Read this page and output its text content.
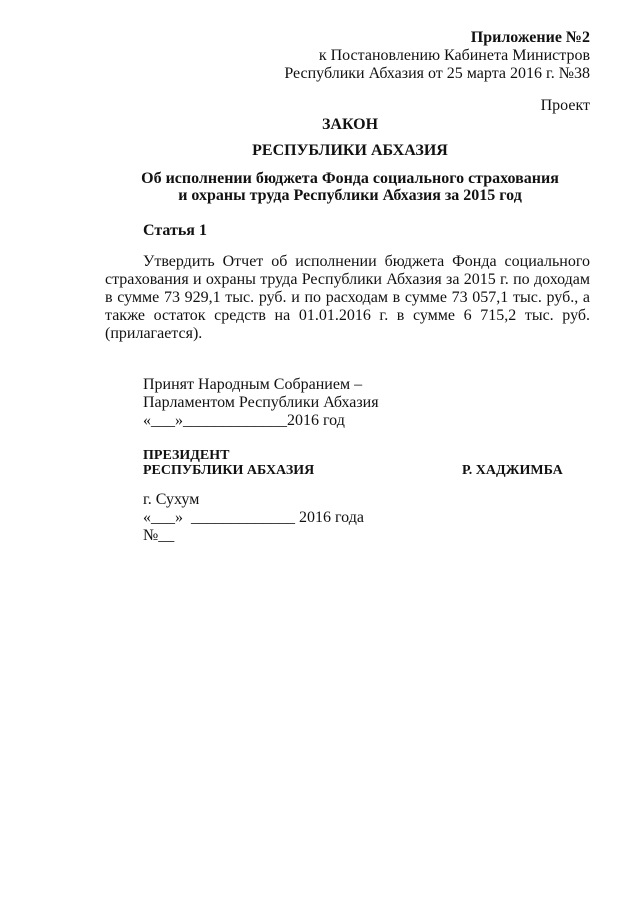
Приложение №2
к Постановлению Кабинета Министров
Республики Абхазия от 25 марта 2016 г. №38
Проект
ЗАКОН
РЕСПУБЛИКИ АБХАЗИЯ
Об исполнении бюджета Фонда социального страхования
и охраны труда Республики Абхазия за 2015 год
Статья 1
Утвердить Отчет об исполнении бюджета Фонда социального страхования и охраны труда Республики Абхазия за 2015 г. по доходам в сумме 73 929,1 тыс. руб. и по расходам в сумме 73 057,1 тыс. руб., а также остаток средств на 01.01.2016 г. в сумме 6 715,2 тыс. руб. (прилагается).
Принят Народным Собранием –
Парламентом Республики Абхазия
«___»_____________2016 год
ПРЕЗИДЕНТ
РЕСПУБЛИКИ АБХАЗИЯ	Р. ХАДЖИМБА
г. Сухум
«___»  _____________ 2016 года
№__
